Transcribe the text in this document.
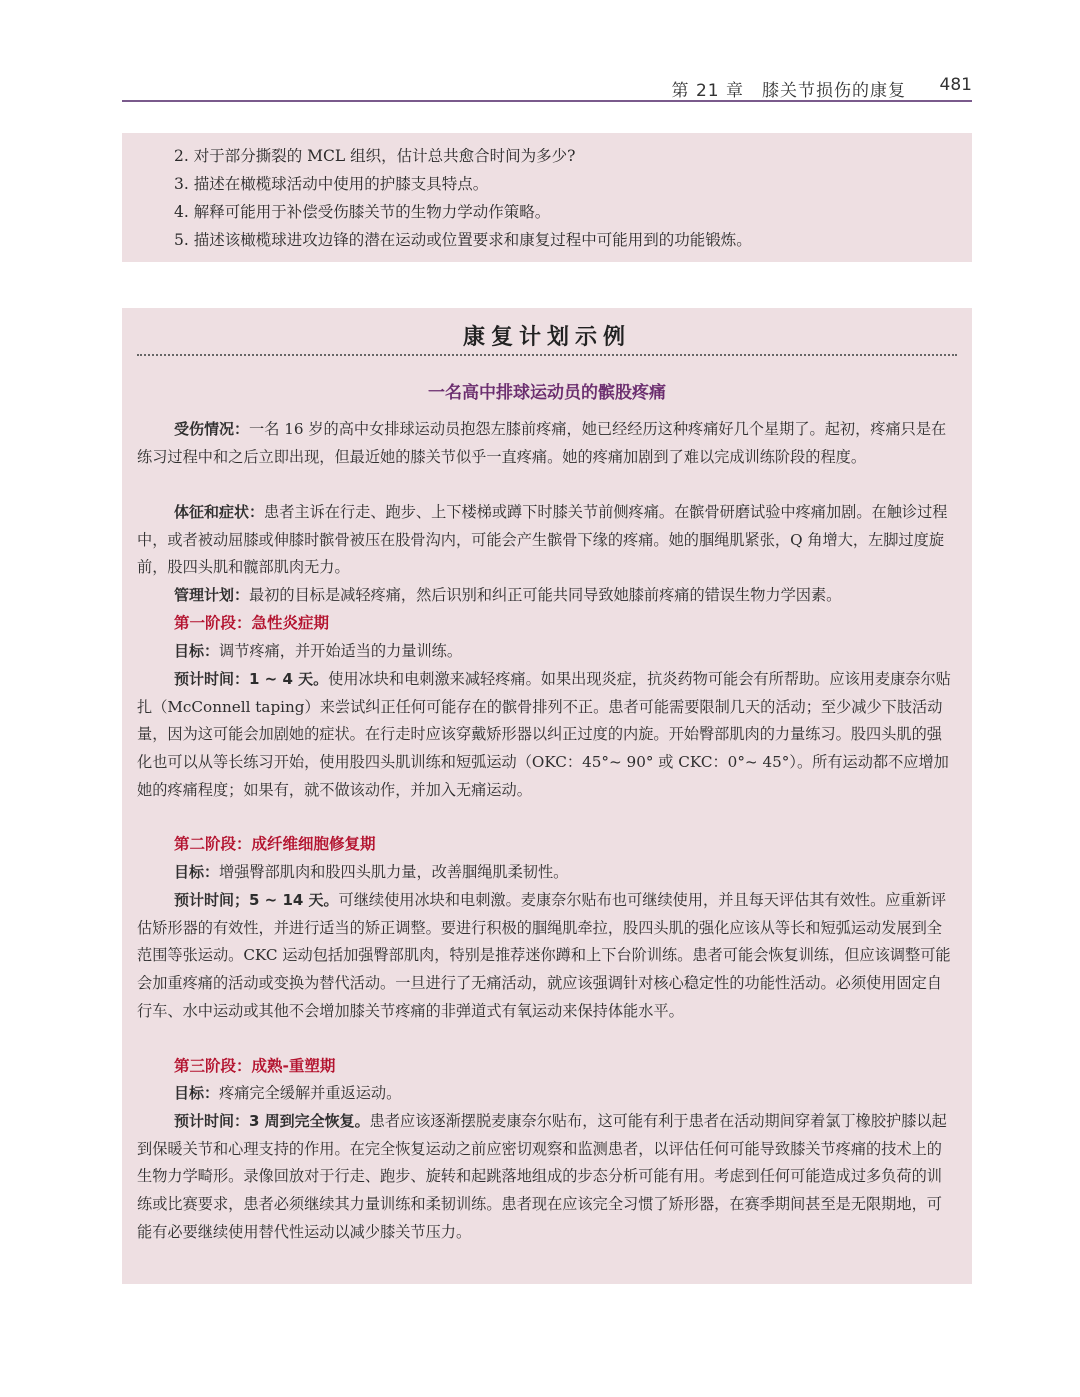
第 21 章　膝关节损伤的康复 481
2. 对于部分撕裂的 MCL 组织，估计总共愈合时间为多少?
3. 描述在橄榄球活动中使用的护膝支具特点。
4. 解释可能用于补偿受伤膝关节的生物力学动作策略。
5. 描述该橄榄球进攻边锋的潜在运动或位置要求和康复过程中可能用到的功能锻炼。
康复计划示例
一名高中排球运动员的髌股疼痛
受伤情况：一名 16 岁的高中女排球运动员抱怨左膝前疼痛，她已经经历这种疼痛好几个星期了。起初，疼痛只是在练习过程中和之后立即出现，但最近她的膝关节似乎一直疼痛。她的疼痛加剧到了难以完成训练阶段的程度。
体征和症状：患者主诉在行走、跑步、上下楼梯或蹲下时膝关节前侧疼痛。在髌骨研磨试验中疼痛加剧。在触诊过程中，或者被动屈膝或伸膝时髌骨被压在股骨沟内，可能会产生髌骨下缘的疼痛。她的腘绳肌紧张，Q 角增大，左脚过度旋前，股四头肌和髋部肌肉无力。
管理计划：最初的目标是减轻疼痛，然后识别和纠正可能共同导致她膝前疼痛的错误生物力学因素。
第一阶段：急性炎症期
目标：调节疼痛，并开始适当的力量训练。
预计时间：1 ~ 4 天。使用冰块和电刺激来减轻疼痛。如果出现炎症，抗炎药物可能会有所帮助。应该用麦康奈尔贴扎（McConnell taping）来尝试纠正任何可能存在的髌骨排列不正。患者可能需要限制几天的活动；至少减少下肢活动量，因为这可能会加剧她的症状。在行走时应该穿戴矫形器以纠正过度的内旋。开始臀部肌肉的力量练习。股四头肌的强化也可以从等长练习开始，使用股四头肌训练和短弧运动（OKC：45°~ 90° 或 CKC：0°~ 45°）。所有运动都不应增加她的疼痛程度；如果有，就不做该动作，并加入无痛运动。
第二阶段：成纤维细胞修复期
目标：增强臀部肌肉和股四头肌力量，改善腘绳肌柔韧性。
预计时间；5 ~ 14 天。可继续使用冰块和电刺激。麦康奈尔贴布也可继续使用，并且每天评估其有效性。应重新评估矫形器的有效性，并进行适当的矫正调整。要进行积极的腘绳肌牵拉，股四头肌的强化应该从等长和短弧运动发展到全范围等张运动。CKC 运动包括加强臀部肌肉，特别是推荐迷你蹲和上下台阶训练。患者可能会恢复训练，但应该调整可能会加重疼痛的活动或变换为替代活动。一旦进行了无痛活动，就应该强调针对核心稳定性的功能性活动。必须使用固定自行车、水中运动或其他不会增加膝关节疼痛的非弹道式有氧运动来保持体能水平。
第三阶段：成熟-重塑期
目标：疼痛完全缓解并重返运动。
预计时间：3 周到完全恢复。患者应该逐渐摆脱麦康奈尔贴布，这可能有利于患者在活动期间穿着氯丁橡胶护膝以起到保暖关节和心理支持的作用。在完全恢复运动之前应密切观察和监测患者，以评估任何可能导致膝关节疼痛的技术上的生物力学畸形。录像回放对于行走、跑步、旋转和起跳落地组成的步态分析可能有用。考虑到任何可能造成过多负荷的训练或比赛要求，患者必须继续其力量训练和柔韧训练。患者现在应该完全习惯了矫形器，在赛季期间甚至是无限期地，可能有必要继续使用替代性运动以减少膝关节压力。
